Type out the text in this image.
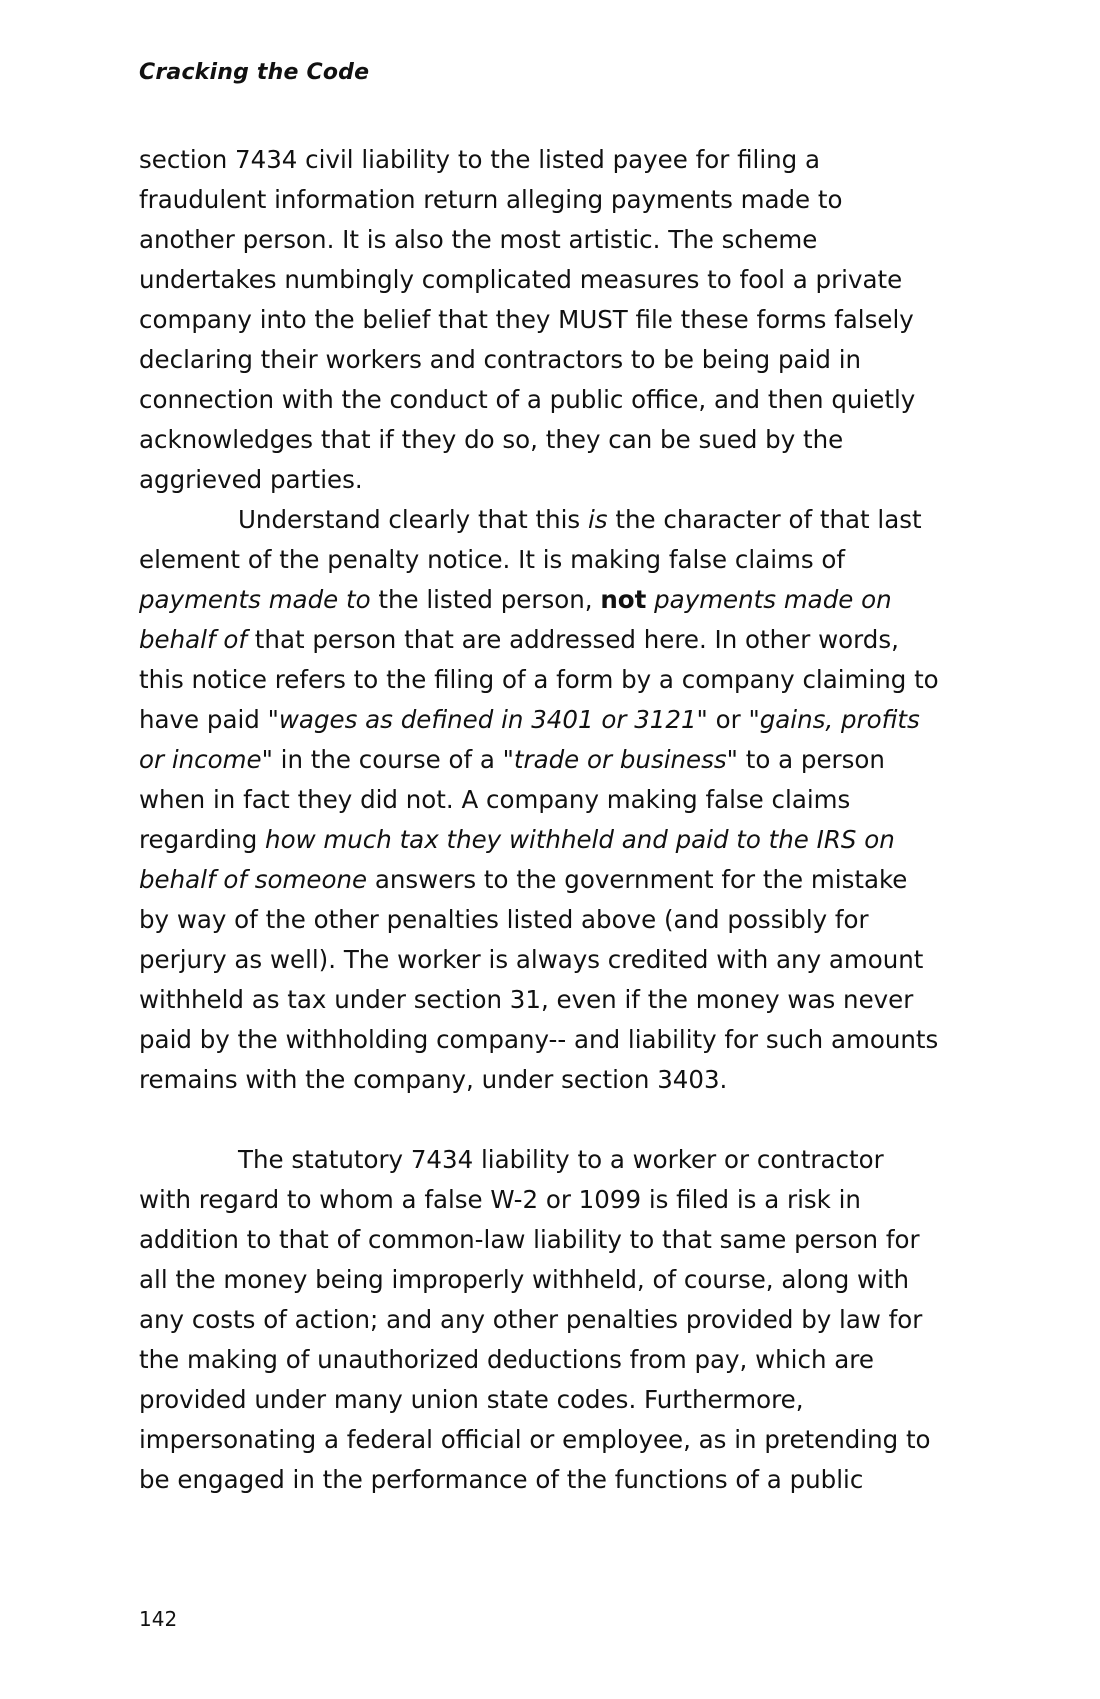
Cracking the Code

section 7434 civil liability to the listed payee for filing a fraudulent information return alleging payments made to another person. It is also the most artistic. The scheme undertakes numbingly complicated measures to fool a private company into the belief that they MUST file these forms falsely declaring their workers and contractors to be being paid in connection with the conduct of a public office, and then quietly acknowledges that if they do so, they can be sued by the aggrieved parties.

Understand clearly that this is the character of that last element of the penalty notice. It is making false claims of payments made to the listed person, not payments made on behalf of that person that are addressed here. In other words, this notice refers to the filing of a form by a company claiming to have paid "wages as defined in 3401 or 3121" or "gains, profits or income" in the course of a "trade or business" to a person when in fact they did not. A company making false claims regarding how much tax they withheld and paid to the IRS on behalf of someone answers to the government for the mistake by way of the other penalties listed above (and possibly for perjury as well). The worker is always credited with any amount withheld as tax under section 31, even if the money was never paid by the withholding company-- and liability for such amounts remains with the company, under section 3403.

The statutory 7434 liability to a worker or contractor with regard to whom a false W-2 or 1099 is filed is a risk in addition to that of common-law liability to that same person for all the money being improperly withheld, of course, along with any costs of action; and any other penalties provided by law for the making of unauthorized deductions from pay, which are provided under many union state codes. Furthermore, impersonating a federal official or employee, as in pretending to be engaged in the performance of the functions of a public

142
